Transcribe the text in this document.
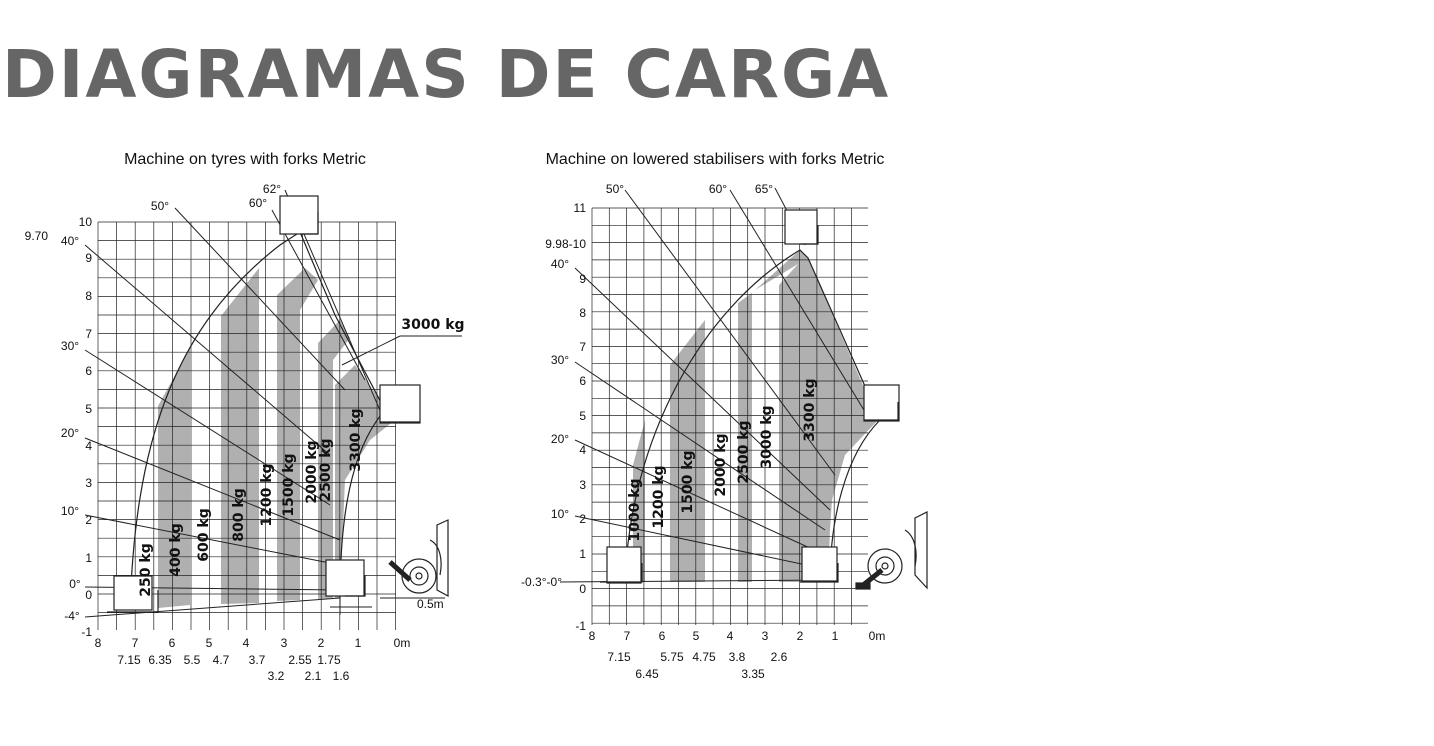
DIAGRAMAS DE CARGA
Machine on tyres with forks Metric
0.5m
8	7	6	5	4	3	2	1	0m
7.15 6.35 5.5 4.7 3.7 2.55 1.75
3.2 2.1 1.6
10
9
8
7
6
5
4
3
2
1
0
-1
9.70
62°
60°
50°
40°
30°
20°
10°
0°
-4°
250 kg 400 kg 600 kg 800 kg 1200 kg 1500 kg 2000 kg
2500 kg
3000 kg
3300 kg
Machine on lowered stabilisers with forks Metric
8 7 6 5 4 3 2 1	0m
7.15 5.75 4.75 3.8 2.6
6.45	3.35
11
9.98-10
9
8
7
6
5
4
3
2
1
0
-1
-0.3°-0°
65°
60°
50°
40°
30°
20°
10°	1000 kg 1200 kg 1500 kg 2000 kg 2500 kg 3000 kg 3300 kg
